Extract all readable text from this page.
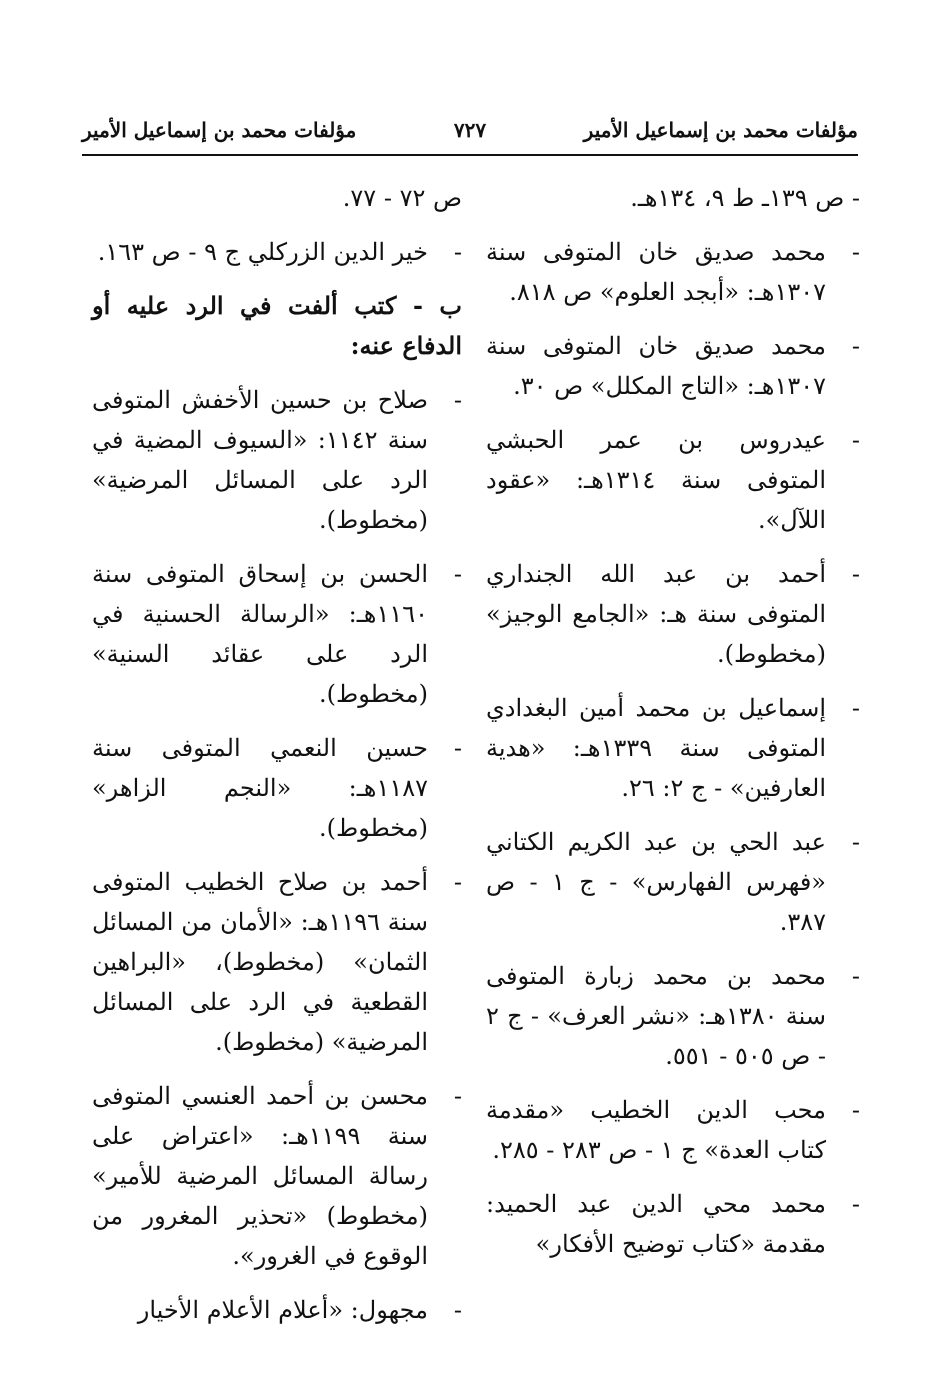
مؤلفات محمد بن إسماعيل الأمير
٧٢٧
مؤلفات محمد بن إسماعيل الأمير
- ص ١٣٩ـ ط ٩، ١٣٤هـ.
-
محمد صديق خان المتوفى سنة ١٣٠٧هـ: «أبجد العلوم» ص ٨١٨.
-
محمد صديق خان المتوفى سنة ١٣٠٧هـ: «التاج المكلل» ص ٣٠.
-
عيدروس بن عمر الحبشي المتوفى سنة ١٣١٤هـ: «عقود اللآل».
-
أحمد بن عبد الله الجنداري المتوفى سنة هـ: «الجامع الوجيز» (مخطوط).
-
إسماعيل بن محمد أمين البغدادي المتوفى سنة ١٣٣٩هـ: «هدية العارفين» - ج ٢: ٢٦.
-
عبد الحي بن عبد الكريم الكتاني «فهرس الفهارس» - ج ١ - ص ٣٨٧.
-
محمد بن محمد زبارة المتوفى سنة ١٣٨٠هـ: «نشر العرف» - ج ٢ - ص ٥٠٥ - ٥٥١.
-
محب الدين الخطيب «مقدمة كتاب العدة» ج ١ - ص ٢٨٣ - ٢٨٥.
-
محمد محي الدين عبد الحميد: مقدمة «كتاب توضيح الأفكار»
ص ٧٢ - ٧٧.
-
خير الدين الزركلي ج ٩ - ص ١٦٣.
ب - كتب ألفت في الرد عليه أو الدفاع عنه:
-
صلاح بن حسين الأخفش المتوفى سنة ١١٤٢: «السيوف المضية في الرد على المسائل المرضية» (مخطوط).
-
الحسن بن إسحاق المتوفى سنة ١١٦٠هـ: «الرسالة الحسنية في الرد على عقائد السنية» (مخطوط).
-
حسين النعمي المتوفى سنة ١١٨٧هـ: «النجم الزاهر» (مخطوط).
-
أحمد بن صلاح الخطيب المتوفى سنة ١١٩٦هـ: «الأمان من المسائل الثمان» (مخطوط)، «البراهين القطعية في الرد على المسائل المرضية» (مخطوط).
-
محسن بن أحمد العنسي المتوفى سنة ١١٩٩هـ: «اعتراض على رسالة المسائل المرضية للأمير» (مخطوط) «تحذير المغرور من الوقوع في الغرور».
-
مجهول: «أعلام الأعلام الأخيار
